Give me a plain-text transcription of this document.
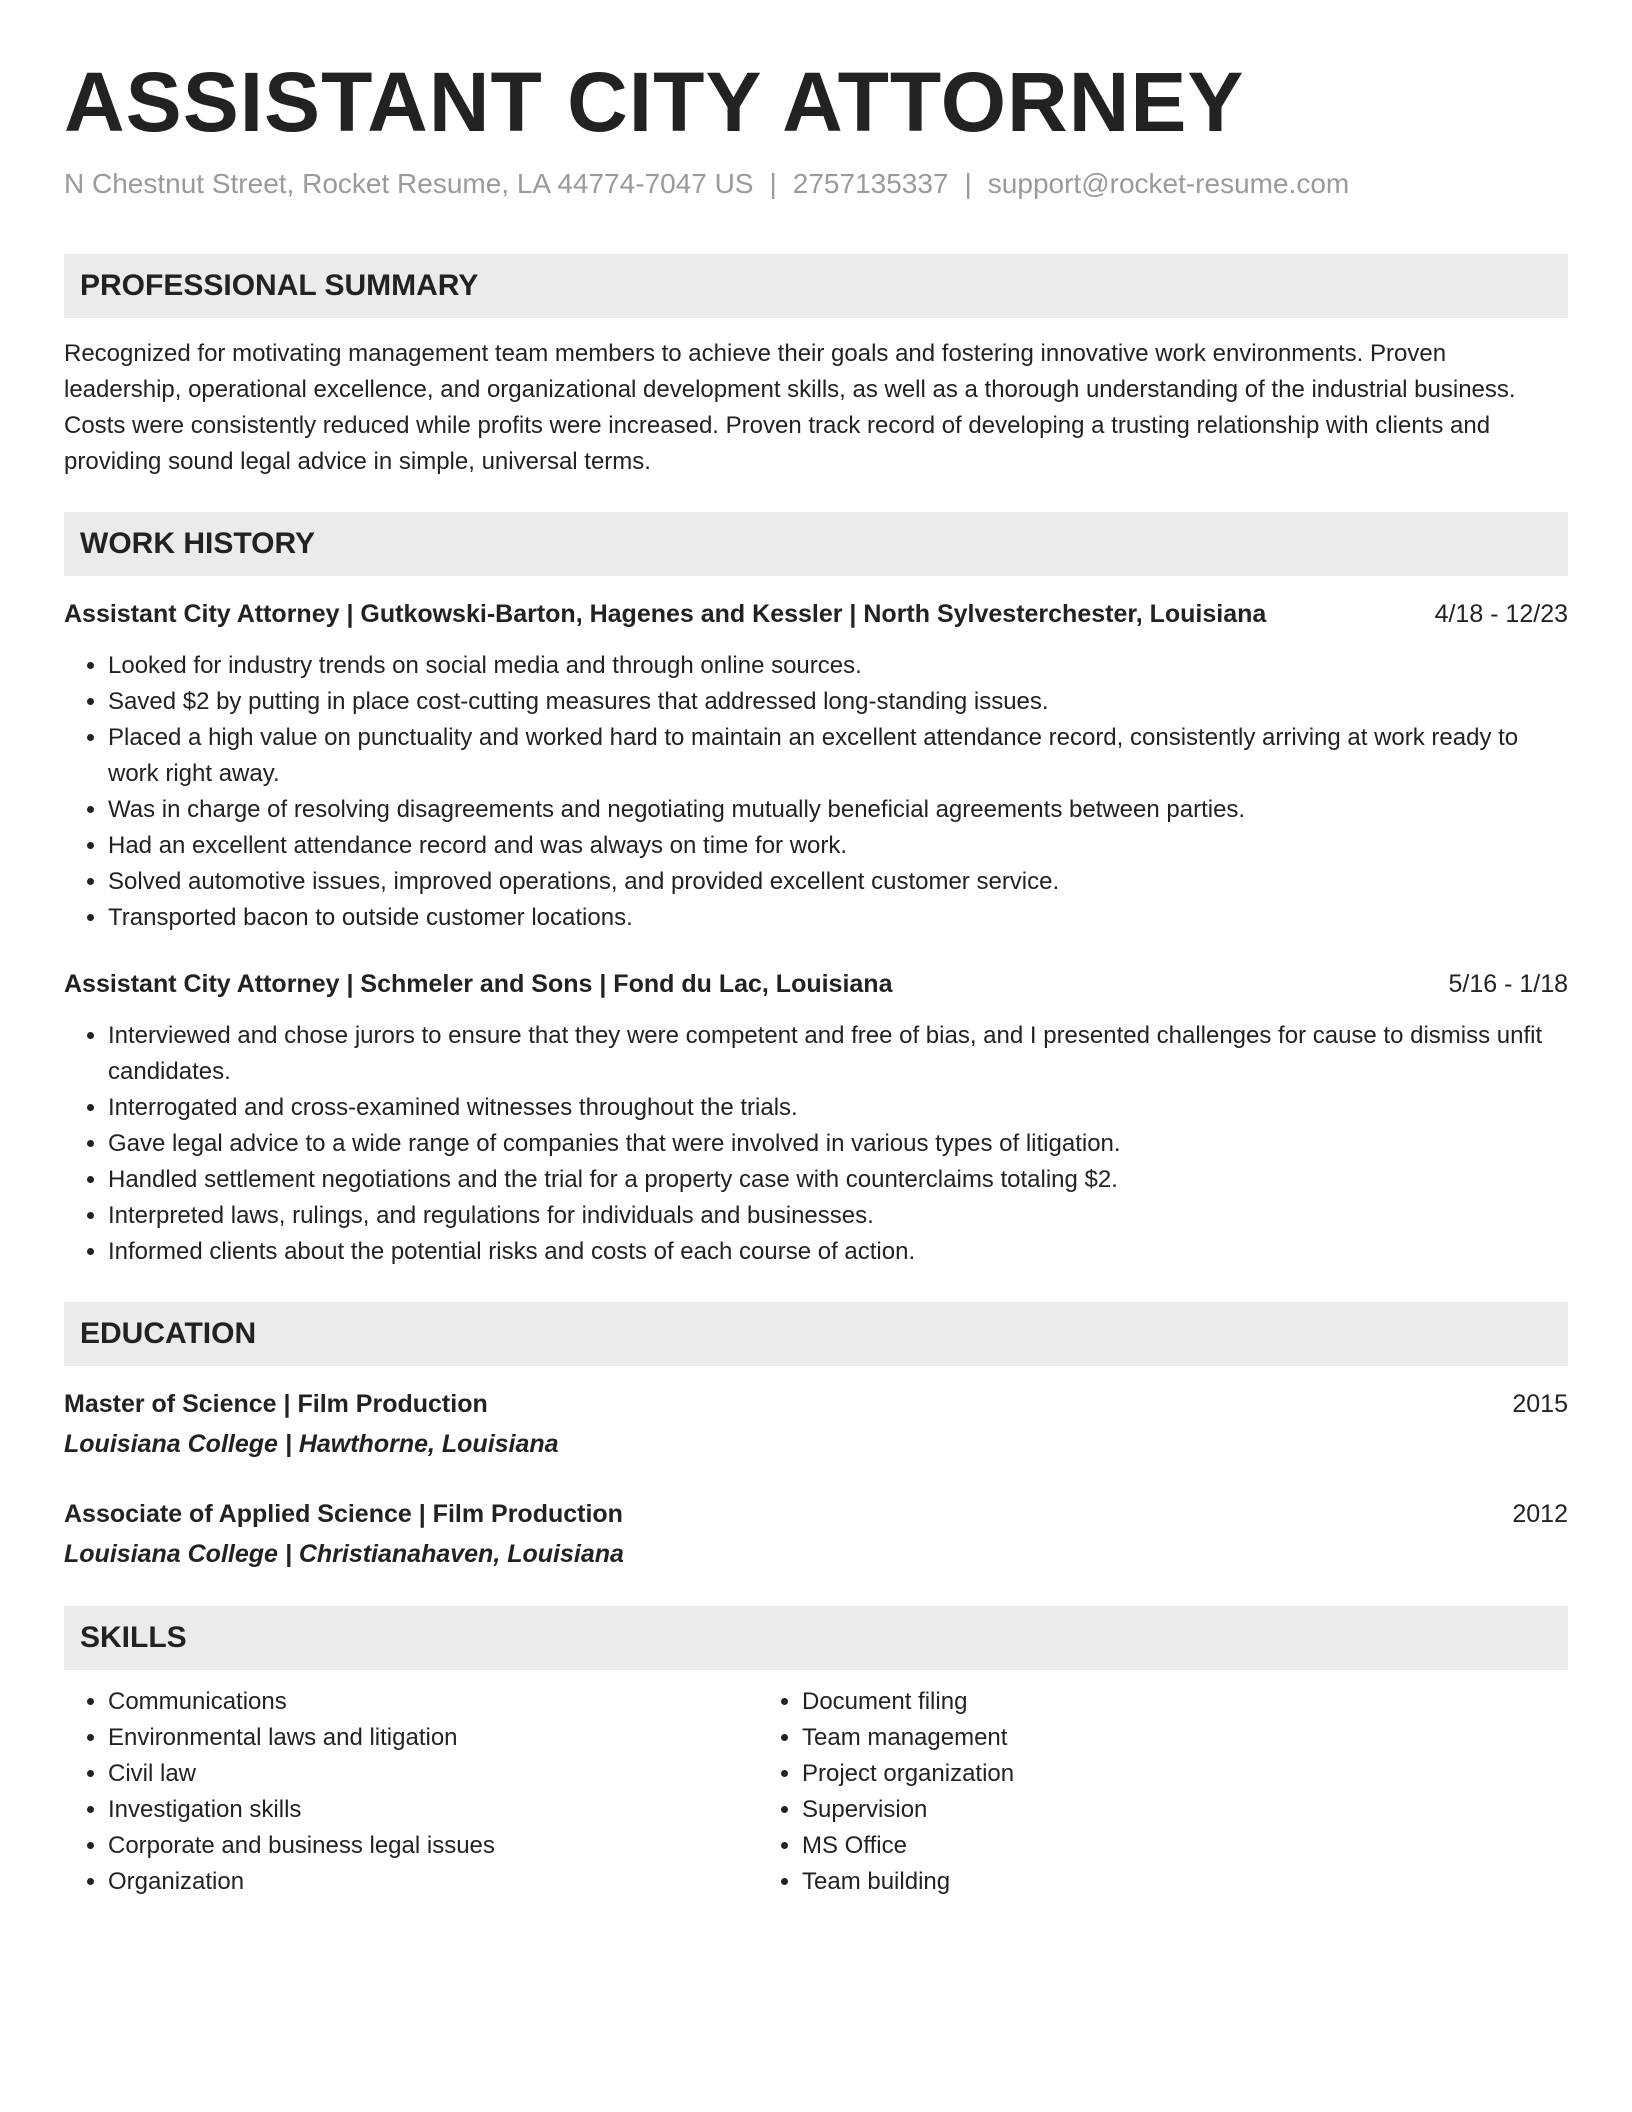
ASSISTANT CITY ATTORNEY
N Chestnut Street, Rocket Resume, LA 44774-7047 US | 2757135337 | support@rocket-resume.com
PROFESSIONAL SUMMARY

Recognized for motivating management team members to achieve their goals and fostering innovative work environments. Proven leadership, operational excellence, and organizational development skills, as well as a thorough understanding of the industrial business. Costs were consistently reduced while profits were increased. Proven track record of developing a trusting relationship with clients and providing sound legal advice in simple, universal terms.

WORK HISTORY
Assistant City Attorney | Gutkowski-Barton, Hagenes and Kessler | North Sylvesterchester, Louisiana	4/18 - 12/23
• Looked for industry trends on social media and through online sources.
• Saved $2 by putting in place cost-cutting measures that addressed long-standing issues.
• Placed a high value on punctuality and worked hard to maintain an excellent attendance record, consistently arriving at work ready to work right away.
• Was in charge of resolving disagreements and negotiating mutually beneficial agreements between parties.
• Had an excellent attendance record and was always on time for work.
• Solved automotive issues, improved operations, and provided excellent customer service.
• Transported bacon to outside customer locations.
Assistant City Attorney | Schmeler and Sons | Fond du Lac, Louisiana	5/16 - 1/18
• Interviewed and chose jurors to ensure that they were competent and free of bias, and I presented challenges for cause to dismiss unfit candidates.
• Interrogated and cross-examined witnesses throughout the trials.
• Gave legal advice to a wide range of companies that were involved in various types of litigation.
• Handled settlement negotiations and the trial for a property case with counterclaims totaling $2.
• Interpreted laws, rulings, and regulations for individuals and businesses.
• Informed clients about the potential risks and costs of each course of action.
EDUCATION
Master of Science | Film Production	2015
Louisiana College | Hawthorne, Louisiana
Associate of Applied Science | Film Production	2012
Louisiana College | Christianahaven, Louisiana
SKILLS
• Communications
• Environmental laws and litigation
• Civil law
• Investigation skills
• Corporate and business legal issues
• Organization
• Document filing
• Team management
• Project organization
• Supervision
• MS Office
• Team building
